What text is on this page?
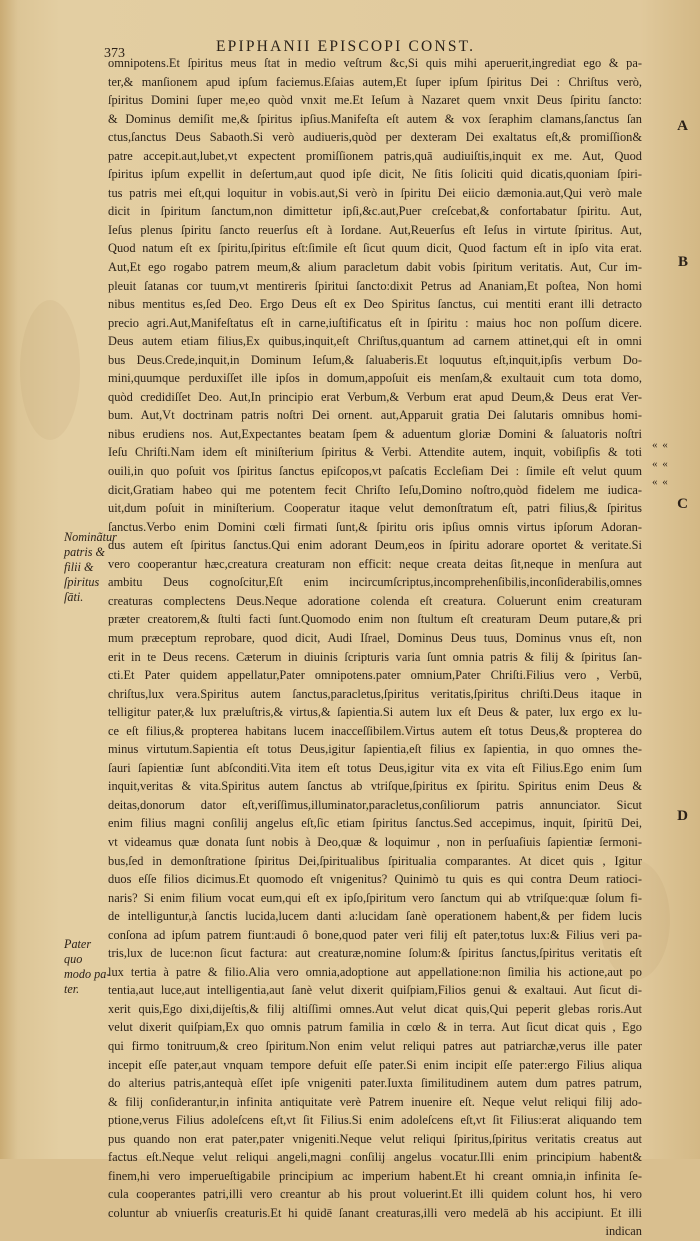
373	EPIPHANII EPISCOPI CONST.
omnipotens.Et ſpiritus meus ſtat in medio veſtrum &c,Si quis mihi aperuerit,ingrediat ego & pa-
ter,& manſionem apud ipſum faciemus.Eſaias autem,Et ſuper ipſum ſpiritus Dei : Chriſtus verò,
ſpiritus Domini ſuper me,eo quòd vnxit me.Et Ieſum à Nazaret quem vnxit Deus ſpiritu ſancto:
& Dominus demiſit me,& ſpiritus ipſius.Manifeſta eſt autem & vox ſeraphim clamans,ſanctus ſan
ctus,ſanctus Deus Sabaoth.Si verò audiueris,quòd per dexteram Dei exaltatus eſt,& promiſſion&
patre accepit.aut,lubet,vt expectent promiſſionem patris,quā audiuiſtis,inquit ex me. Aut, Quod
ſpiritus ipſum expellit in deſertum,aut quod ipſe dicit, Ne ſitis ſoliciti quid dicatis,quoniam ſpiri-
tus patris mei eſt,qui loquitur in vobis.aut,Si verò in ſpiritu Dei eiicio dæmonia.aut,Qui verò male
dicit in ſpiritum ſanctum,non dimittetur ipſi,&c.aut,Puer creſcebat,& confortabatur ſpiritu. Aut,
Ieſus plenus ſpiritu ſancto reuerſus eſt à Iordane. Aut,Reuerſus eſt Ieſus in virtute ſpiritus. Aut,
Quod natum eſt ex ſpiritu,ſpiritus eſt:ſimile eſt ſicut quum dicit, Quod factum eſt in ipſo vita erat.
Aut,Et ego rogabo patrem meum,& alium paracletum dabit vobis ſpiritum veritatis. Aut, Cur im-
pleuit ſatanas cor tuum,vt mentireris ſpiritui ſancto:dixit Petrus ad Ananiam,Et poſtea, Non homi
nibus mentitus es,ſed Deo. Ergo Deus eſt ex Deo Spiritus ſanctus, cui mentiti erant illi detracto
precio agri.Aut,Manifeſtatus eſt in carne,iuſtificatus eſt in ſpiritu : maius hoc non poſſum dicere.
Deus autem etiam filius,Ex quibus,inquit,eſt Chriſtus,quantum ad carnem attinet,qui eſt in omni
bus Deus.Crede,inquit,in Dominum Ieſum,& ſaluaberis.Et loquutus eſt,inquit,ipſis verbum Do-
mini,quumque perduxiſſet ille ipſos in domum,appoſuit eis menſam,& exultauit cum tota domo,
quòd credidiſſet Deo. Aut,In principio erat Verbum,& Verbum erat apud Deum,& Deus erat Ver-
bum. Aut,Vt doctrinam patris noſtri Dei ornent. aut,Apparuit gratia Dei ſalutaris omnibus homi-
nibus erudiens nos. Aut,Expectantes beatam ſpem & aduentum gloriæ Domini & ſaluatoris noſtri
Ieſu Chriſti.Nam idem eſt miniſterium ſpiritus & Verbi. Attendite autem, inquit, vobiſipſis & toti
ouili,in quo poſuit vos ſpiritus ſanctus epiſcopos,vt paſcatis Eccleſiam Dei : ſimile eſt velut quum
dicit,Gratiam habeo qui me potentem fecit Chriſto Ieſu,Domino noſtro,quòd fidelem me iudica-
uit,dum poſuit in miniſterium. Cooperatur itaque velut demonſtratum eſt, patri filius,& ſpiritus
ſanctus.Verbo enim Domini cœli firmati ſunt,& ſpiritu oris ipſius omnis virtus ipſorum Adoran-
dus autem eſt ſpiritus ſanctus.Qui enim adorant Deum,eos in ſpiritu adorare oportet & veritate.Si
vero cooperantur hæc,creatura creaturam non efficit: neque creata deitas ſit,neque in menſura aut
ambitu Deus cognoſcitur,Eſt enim incircumſcriptus,incomprehenſibilis,inconſiderabilis,omnes
creaturas complectens Deus.Neque adoratione colenda eſt creatura. Coluerunt enim creaturam
præter creatorem,& ſtulti facti ſunt.Quomodo enim non ſtultum eſt creaturam Deum putare,& pri
mum præceptum reprobare, quod dicit, Audi Iſrael, Dominus Deus tuus, Dominus vnus eſt, non
erit in te Deus recens. Cæterum in diuinis ſcripturis varia ſunt omnia patris & filij & ſpiritus ſan-
cti.Et Pater quidem appellatur,Pater omnipotens.pater omnium,Pater Chriſti.Filius vero , Verbū,
chriſtus,lux vera.Spiritus autem ſanctus,paracletus,ſpiritus veritatis,ſpiritus chriſti.Deus itaque in
telligitur pater,& lux præluſtris,& virtus,& ſapientia.Si autem lux eſt Deus & pater, lux ergo ex lu-
ce eſt filius,& propterea habitans lucem inacceſſibilem.Virtus autem eſt totus Deus,& propterea do
minus virtutum.Sapientia eſt totus Deus,igitur ſapientia,eſt filius ex ſapientia, in quo omnes the-
ſauri ſapientiæ ſunt abſconditi.Vita item eſt totus Deus,igitur vita ex vita eſt Filius.Ego enim ſum
inquit,veritas & vita.Spiritus autem ſanctus ab vtriſque,ſpiritus ex ſpiritu. Spiritus enim Deus &
deitas,donorum dator eſt,veriſſimus,illuminator,paracletus,conſiliorum patris annunciator. Sicut
enim filius magni conſilij angelus eſt,ſic etiam ſpiritus ſanctus.Sed accepimus, inquit, ſpiritū Dei,
vt videamus quæ donata ſunt nobis à Deo,quæ & loquimur , non in perſuaſiuis ſapientiæ ſermoni-
bus,ſed in demonſtratione ſpiritus Dei,ſpiritualibus ſpiritualia comparantes. At dicet quis , Igitur
duos eſſe filios dicimus.Et quomodo eſt vnigenitus? Quinimò tu quis es qui contra Deum ratioci-
naris? Si enim filium vocat eum,qui eſt ex ipſo,ſpiritum vero ſanctum qui ab vtriſque:quæ ſolum fi-
de intelliguntur,à ſanctis lucida,lucem danti a:lucidam ſanè operationem habent,& per fidem lucis
conſona ad ipſum patrem fiunt:audi ô bone,quod pater veri filij eſt pater,totus lux:& Filius veri pa-
tris,lux de luce:non ſicut factura: aut creaturæ,nomine ſolum:& ſpiritus ſanctus,ſpiritus veritatis eſt
lux tertia à patre & filio.Alia vero omnia,adoptione aut appellatione:non ſimilia his actione,aut po
tentia,aut luce,aut intelligentia,aut ſanè velut dixerit quiſpiam,Filios genui & exaltaui. Aut ſicut di-
xerit quis,Ego dixi,dijeſtis,& filij altiſſimi omnes.Aut velut dicat quis,Qui peperit glebas roris.Aut
velut dixerit quiſpiam,Ex quo omnis patrum familia in cœlo & in terra. Aut ſicut dicat quis , Ego
qui firmo tonitruum,& creo ſpiritum.Non enim velut reliqui patres aut patriarchæ,verus ille pater
incepit eſſe pater,aut vnquam tempore defuit eſſe pater.Si enim incipit eſſe pater:ergo Filius aliqua
do alterius patris,antequà eſſet ipſe vnigeniti pater.Iuxta ſimilitudinem autem dum patres patrum,
& filij conſiderantur,in infinita antiquitate verè Patrem inuenire eſt. Neque velut reliqui filij ado-
ptione,verus Filius adoleſcens eſt,vt ſit Filius.Si enim adoleſcens eſt,vt ſit Filius:erat aliquando tem
pus quando non erat pater,pater vnigeniti.Neque velut reliqui ſpiritus,ſpiritus veritatis creatus aut
factus eſt.Neque velut reliqui angeli,magni conſilij angelus vocatur.Illi enim principium habent&
finem,hi vero imperueſtigabile principium ac imperium habent.Et hi creant omnia,in infinita ſe-
cula cooperantes patri,illi vero creantur ab his prout voluerint.Et illi quidem colunt hos, hi vero
coluntur ab vniuerſis creaturis.Et hi quidē ſanant creaturas,illi vero medelā ab his accipiunt. Et illi
indican
Nominãtur patris & filii & ſpiritus ſāti.
Pater quo modo pa- ter.
A
B
C
D
« «
« «
« «
